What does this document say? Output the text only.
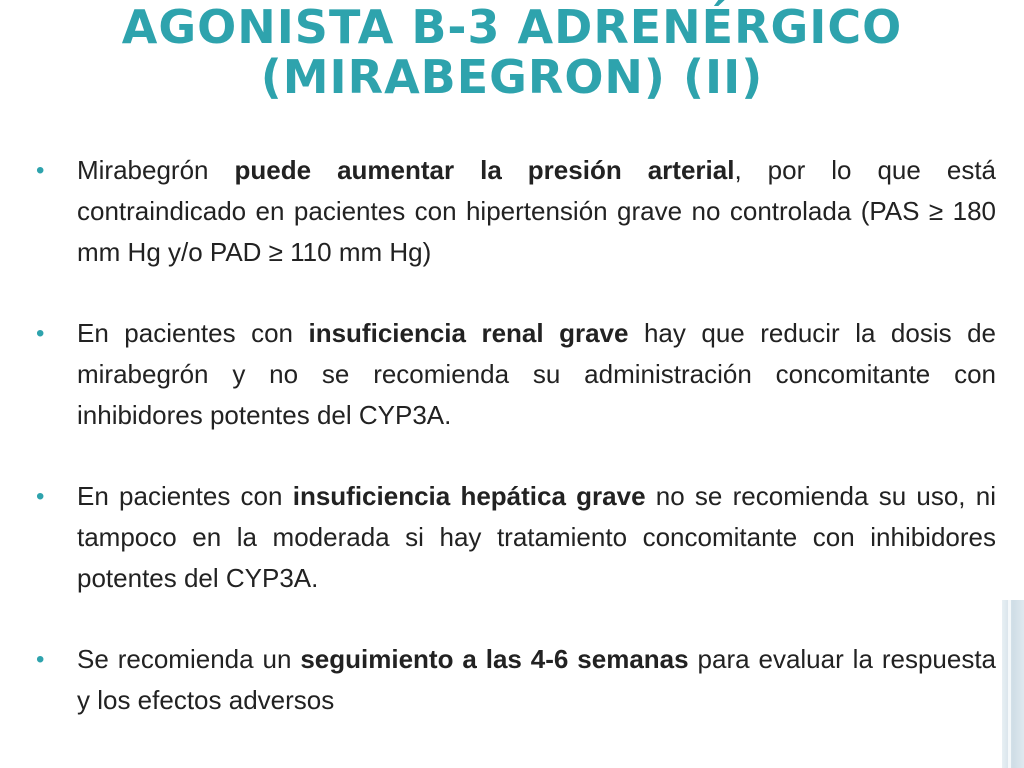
AGONISTA B-3 ADRENÉRGICO
(MIRABEGRON) (II)
• Mirabegrón puede aumentar la presión arterial, por lo que está contraindicado en pacientes con hipertensión grave no controlada (PAS ≥ 180 mm Hg y/o PAD ≥ 110 mm Hg)
• En pacientes con insuficiencia renal grave hay que reducir la dosis de mirabegrón y no se recomienda su administración concomitante con inhibidores potentes del CYP3A.
• En pacientes con insuficiencia hepática grave no se recomienda su uso, ni tampoco en la moderada si hay tratamiento concomitante con inhibidores potentes del CYP3A.
• Se recomienda un seguimiento a las 4-6 semanas para evaluar la respuesta y los efectos adversos
